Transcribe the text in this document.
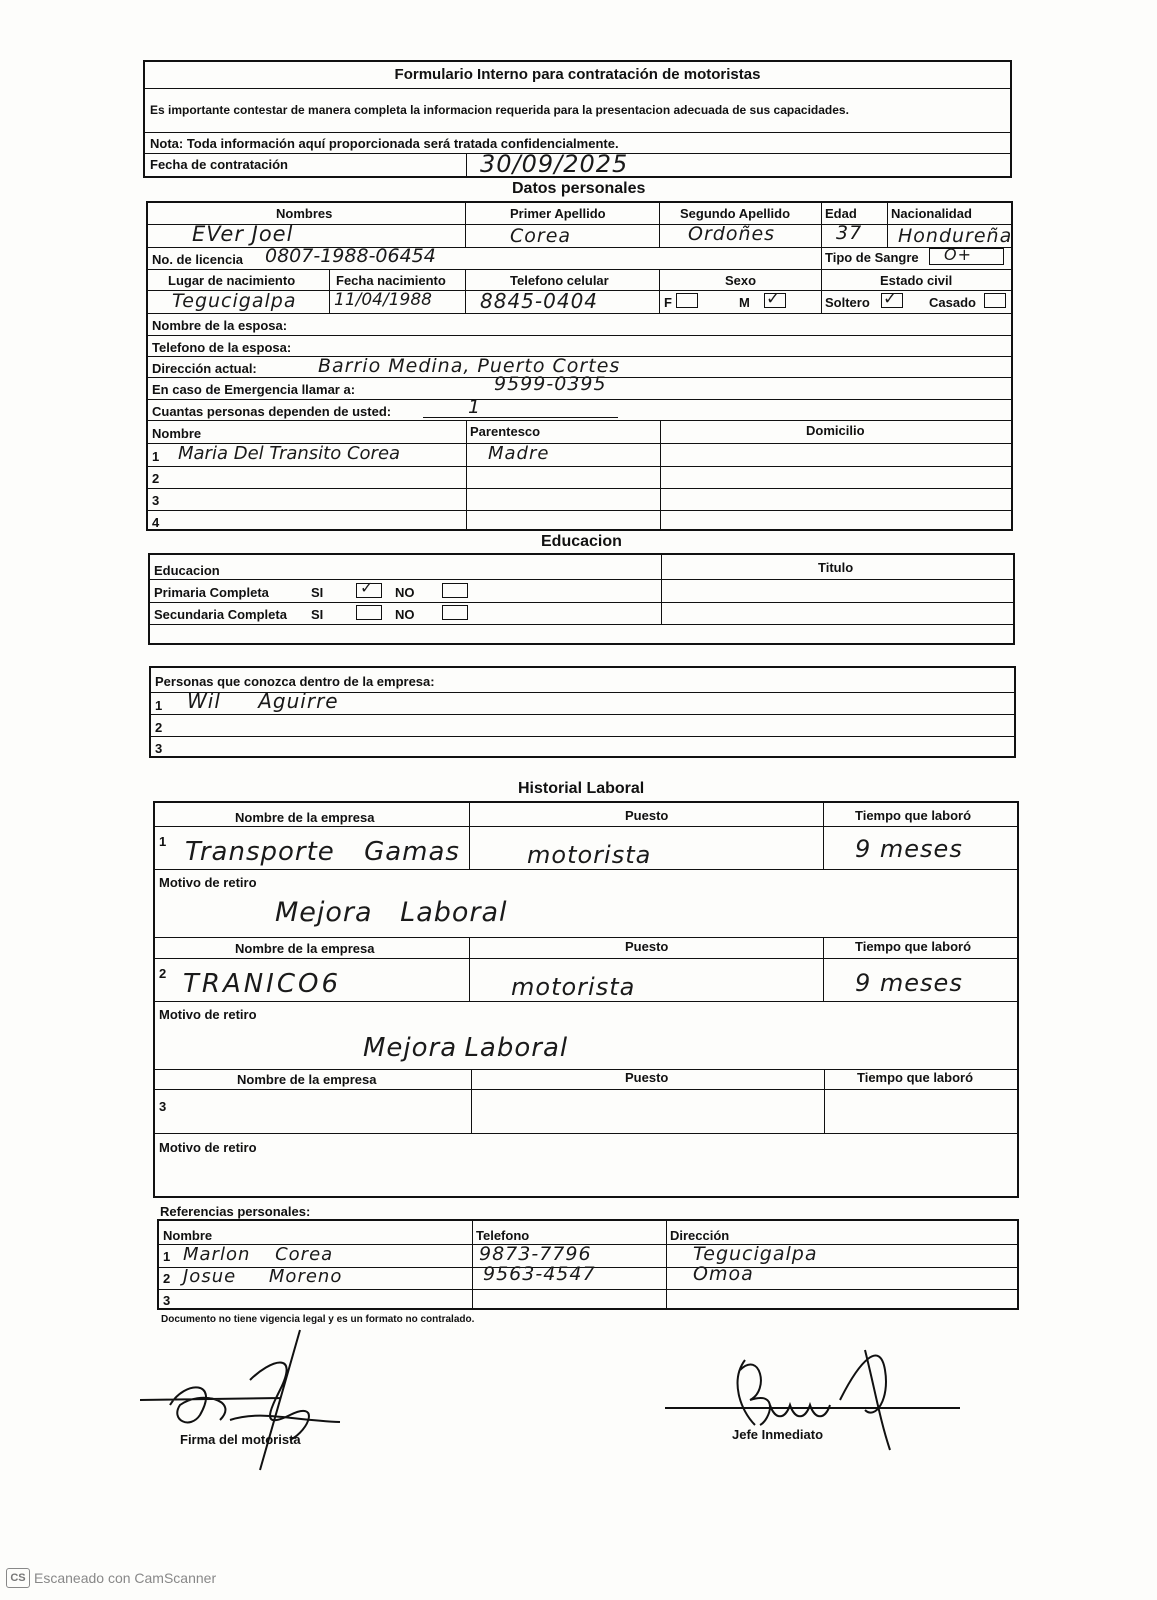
Formulario Interno para contratación de motoristas
Es importante contestar de manera completa la informacion requerida para la presentacion adecuada de sus capacidades.
Nota: Toda información aquí proporcionada será tratada confidencialmente.
Fecha de contratación	30/09/2025
Datos personales
Nombres	Primer Apellido	Segundo Apellido	Edad	Nacionalidad
EVer Joel	Corea	Ordoñes	37 Hondureña
No. de licencia 0807-1988-06454	Tipo de Sangre O+
Lugar de nacimiento	Fecha nacimiento	Telefono celular	Sexo	Estado civil
Tegucigalpa 11/04/1988 8845-0404	F	M ✓	Soltero ✓ Casado
Nombre de la esposa:
Telefono de la esposa:
Dirección actual:	Barrio Medina, Puerto Cortes
En caso de Emergencia llamar a:	9599-0395
Cuantas personas dependen de usted:	1
Nombre	Parentesco	Domicilio
1 Maria Del Transito Corea	Madre
2
3
4
Educacion
Educacion	Titulo
Primaria Completa	SI ✓ NO
Secundaria Completa SI	NO
Personas que conozca dentro de la empresa:
1 Wil Aguirre
2
3
Historial Laboral
Nombre de la empresa	Puesto	Tiempo que laboró
1 Transporte Gamas	motorista	9 meses
Motivo de retiro
Mejora Laboral
Nombre de la empresa	Puesto	Tiempo que laboró
2 TRANICO6	motorista	9 meses
Motivo de retiro
Mejora Laboral
Nombre de la empresa	Puesto	Tiempo que laboró
3
Motivo de retiro
Referencias personales:
Nombre	Telefono	Dirección
1 Marlon Corea	9873-7796	Tegucigalpa
2 Josue Moreno	9563-4547	Omoa
3
Documento no tiene vigencia legal y es un formato no contralado.
Firma del motorista	Jefe Inmediato
CS Escaneado con CamScanner
